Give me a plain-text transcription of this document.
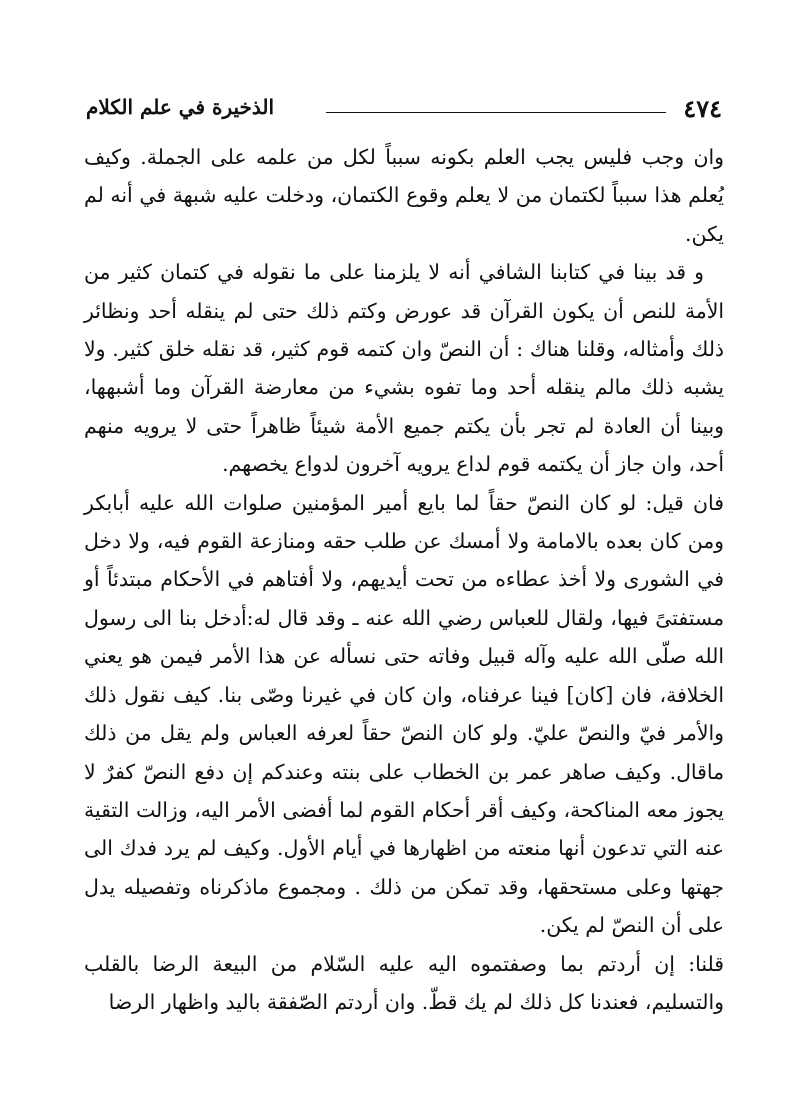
٤٧٤
الذخيرة في علم الكلام

وان وجب فليس يجب العلم بكونه سبباً لكل من علمه على الجملة. وكيف يُعلم هذا سبباً لكتمان من لا يعلم وقوع الكتمان، ودخلت عليه شبهة في أنه لم يكن.

و قد بينا في كتابنا الشافي أنه لا يلزمنا على ما نقوله في كتمان كثير من الأمة للنص أن يكون القرآن قد عورض وكتم ذلك حتى لم ينقله أحد ونظائر ذلك وأمثاله، وقلنا هناك : أن النصّ وان كتمه قوم كثير، قد نقله خلق كثير. ولا يشبه ذلك مالم ينقله أحد وما تفوه بشيء من معارضة القرآن وما أشبهها، وبينا أن العادة لم تجر بأن يكتم جميع الأمة شيئاً ظاهراً حتى لا يرويه منهم أحد، وان جاز أن يكتمه قوم لداع يرويه آخرون لدواع يخصهم.

فان قيل: لو كان النصّ حقاً لما بايع أمير المؤمنين صلوات الله عليه أبابكر ومن كان بعده بالامامة ولا أمسك عن طلب حقه ومنازعة القوم فيه، ولا دخل في الشورى ولا أخذ عطاءه من تحت أيديهم، ولا أفتاهم في الأحكام مبتدئاً أو مستفتىً فيها، ولقال للعباس رضي الله عنه ـ وقد قال له:أدخل بنا الى رسول الله صلّى الله عليه وآله قبيل وفاته حتى نسأله عن هذا الأمر فيمن هو يعني الخلافة، فان [كان] فينا عرفناه، وان كان في غيرنا وصّى بنا. كيف نقول ذلك والأمر فيّ والنصّ عليّ. ولو كان النصّ حقاً لعرفه العباس ولم يقل من ذلك ماقال. وكيف صاهر عمر بن الخطاب على بنته وعندكم إن دفع النصّ كفرٌ لا يجوز معه المناكحة، وكيف أقر أحكام القوم لما أفضى الأمر اليه، وزالت التقية عنه التي تدعون أنها منعته من اظهارها في أيام الأول. وكيف لم يرد فدك الى جهتها وعلى مستحقها، وقد تمكن من ذلك . ومجموع ماذكرناه وتفصيله يدل على أن النصّ لم يكن.

قلنا: إن أردتم بما وصفتموه اليه عليه السّلام من البيعة الرضا بالقلب والتسليم، فعندنا كل ذلك لم يك قطّ. وان أردتم الصّفقة باليد واظهار الرضا
